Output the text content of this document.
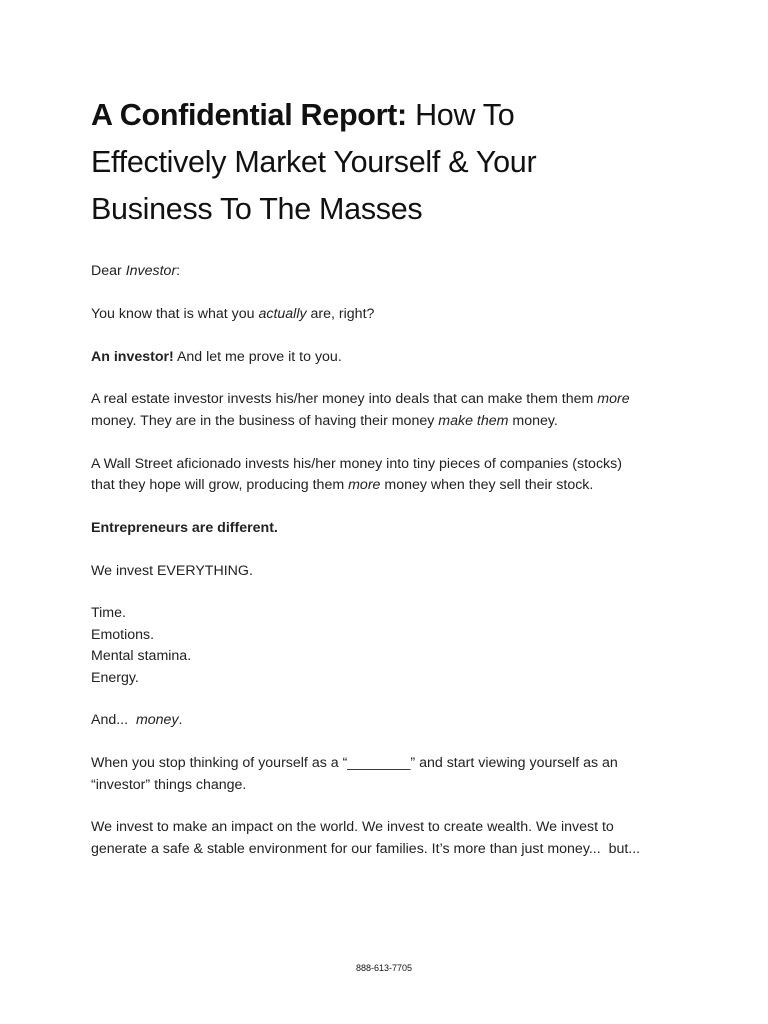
A Confidential Report: How To
Effectively Market Yourself & Your
Business To The Masses

Dear Investor:

You know that is what you actually are, right?

An investor! And let me prove it to you.

A real estate investor invests his/her money into deals that can make them them more
money. They are in the business of having their money make them money.

A Wall Street aficionado invests his/her money into tiny pieces of companies (stocks)
that they hope will grow, producing them more money when they sell their stock.

Entrepreneurs are different.

We invest EVERYTHING.

Time.
Emotions.
Mental stamina.
Energy.

And...  money.

When you stop thinking of yourself as a “________” and start viewing yourself as an
“investor” things change.

We invest to make an impact on the world. We invest to create wealth. We invest to
generate a safe & stable environment for our families. It’s more than just money...  but...

888-613-7705
